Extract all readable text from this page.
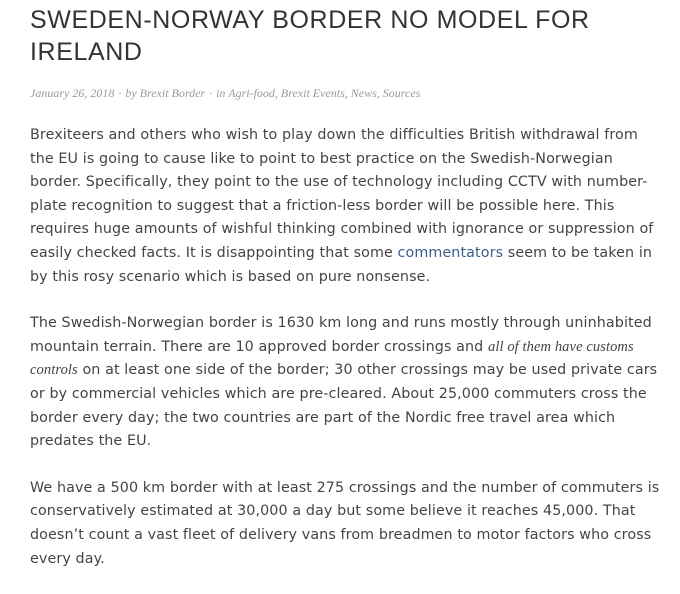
SWEDEN-NORWAY BORDER NO MODEL FOR IRELAND
January 26, 2018 · by Brexit Border · in Agri-food, Brexit Events, News, Sources

Brexiteers and others who wish to play down the difficulties British withdrawal from the EU is going to cause like to point to best practice on the Swedish-Norwegian border. Specifically, they point to the use of technology including CCTV with number-plate recognition to suggest that a friction-less border will be possible here. This requires huge amounts of wishful thinking combined with ignorance or suppression of easily checked facts. It is disappointing that some commentators seem to be taken in by this rosy scenario which is based on pure nonsense.

The Swedish-Norwegian border is 1630 km long and runs mostly through uninhabited mountain terrain. There are 10 approved border crossings and all of them have customs controls on at least one side of the border; 30 other crossings may be used private cars or by commercial vehicles which are pre-cleared. About 25,000 commuters cross the border every day; the two countries are part of the Nordic free travel area which predates the EU.

We have a 500 km border with at least 275 crossings and the number of commuters is conservatively estimated at 30,000 a day but some believe it reaches 45,000. That doesn’t count a vast fleet of delivery vans from breadmen to motor factors who cross every day.
